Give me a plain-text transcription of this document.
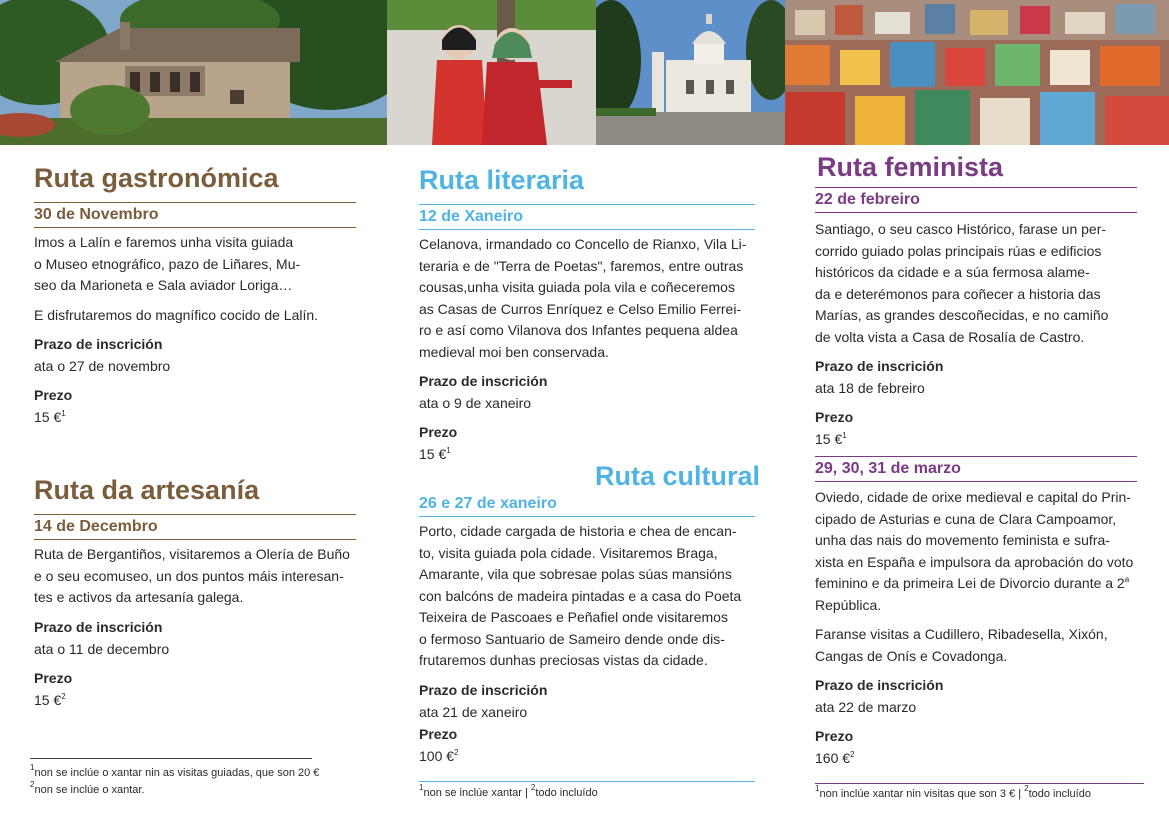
Ruta gastronómica
30 de Novembro
Imos a Lalín e faremos unha visita guiada
o Museo etnográfico, pazo de Liñares, Mu-
seo da Marioneta e Sala aviador Loriga…
E disfrutaremos do magnífico cocido de Lalín.
Prazo de inscrición
ata o 27 de novembro
Prezo
15 €$^1$
Ruta da artesanía
14 de Decembro
Ruta de Bergantiños, visitaremos a Olería de Buño
e o seu ecomuseo, un dos puntos máis interesan-
tes e activos da artesanía galega.
Prazo de inscrición
ata o 11 de decembro
Prezo
15 €$^2$
$^1$non se inclúe o xantar nin as visitas guiadas, que son 20 €
$^2$non se inclúe o xantar.
Ruta literaria
12 de Xaneiro
Celanova, irmandado co Concello de Rianxo, Vila Li-
teraria e de "Terra de Poetas", faremos, entre outras
cousas,unha visita guiada pola vila e coñeceremos
as Casas de Curros Enríquez e Celso Emilio Ferrei-
ro e así como Vilanova dos Infantes pequena aldea
medieval moi ben conservada.
Prazo de inscrición
ata o 9 de xaneiro
Prezo
15 €$^1$
Ruta cultural
26 e 27 de xaneiro
Porto, cidade cargada de historia e chea de encan-
to, visita guiada pola cidade. Visitaremos Braga,
Amarante, vila que sobresae polas súas mansións
con balcóns de madeira pintadas e a casa do Poeta
Teixeira de Pascoaes e Peñafiel onde visitaremos
o fermoso Santuario de Sameiro dende onde dis-
frutaremos dunhas preciosas vistas da cidade.
Prazo de inscrición
ata 21 de xaneiro
Prezo
100 €$^2$
$^1$non se inclúe xantar | $^2$todo incluído
Ruta feminista
22 de febreiro
Santiago, o seu casco Histórico, farase un per-
corrido guiado polas principais rúas e edificios
históricos da cidade e a súa fermosa alame-
da e deterémonos para coñecer a historia das
Marías, as grandes descoñecidas, e no camiño
de volta vista a Casa de Rosalía de Castro.
Prazo de inscrición
ata 18 de febreiro
Prezo
15 €$^1$
29, 30, 31 de marzo
Oviedo, cidade de orixe medieval e capital do Prin-
cipado de Asturias e cuna de Clara Campoamor,
unha das nais do movemento feminista e sufra-
xista en España e impulsora da aprobación do voto
feminino e da primeira Lei de Divorcio durante a 2$^a$
República.
Faranse visitas a Cudillero, Ribadesella, Xixón,
Cangas de Onís e Covadonga.
Prazo de inscrición
ata 22 de marzo
Prezo
160 €$^2$
$^1$non inclúe xantar nin visitas que son 3 € | $^2$todo incluído
